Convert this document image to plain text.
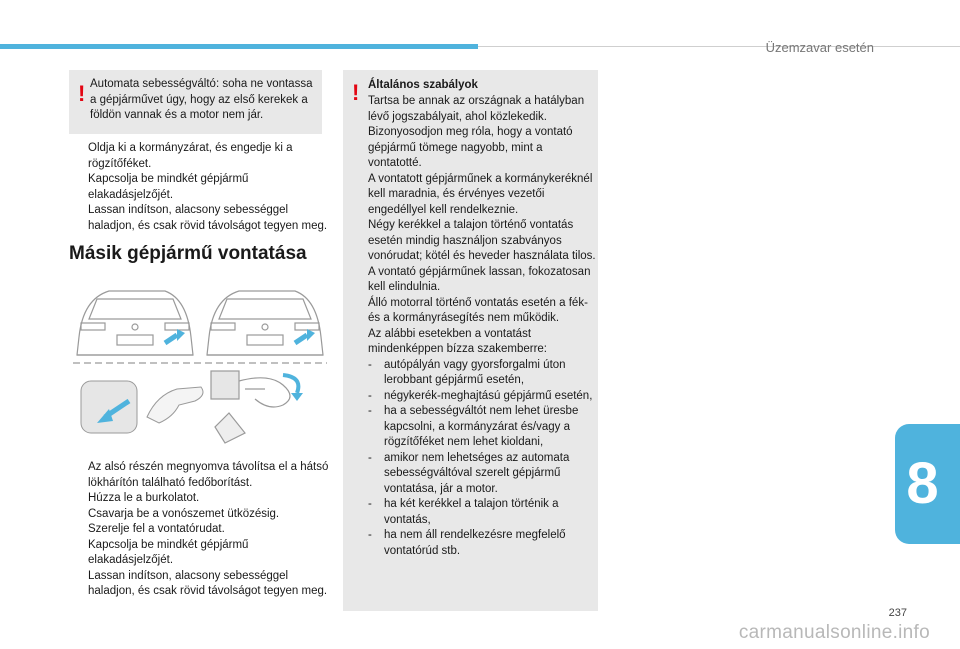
Üzemzavar esetén
! Automata sebességváltó: soha ne vontassa a gépjárművet úgy, hogy az első kerekek a földön vannak és a motor nem jár.
Oldja ki a kormányzárat, és engedje ki a rögzítőféket.
Kapcsolja be mindkét gépjármű elakadásjelzőjét.
Lassan indítson, alacsony sebességgel haladjon, és csak rövid távolságot tegyen meg.
Másik gépjármű vontatása
Az alsó részén megnyomva távolítsa el a hátsó lökhárítón található fedőborítást.
Húzza le a burkolatot.
Csavarja be a vonószemet ütközésig.
Szerelje fel a vontatórudat.
Kapcsolja be mindkét gépjármű elakadásjelzőjét.
Lassan indítson, alacsony sebességgel haladjon, és csak rövid távolságot tegyen meg.
! Általános szabályok

Tartsa be annak az országnak a hatályban lévő jogszabályait, ahol közlekedik.

Bizonyosodjon meg róla, hogy a vontató gépjármű tömege nagyobb, mint a vontatotté.

A vontatott gépjárműnek a kormánykeréknél kell maradnia, és érvényes vezetői engedéllyel kell rendelkeznie.

Négy kerékkel a talajon történő vontatás esetén mindig használjon szabványos vonórudat; kötél és heveder használata tilos.

A vontató gépjárműnek lassan, fokozatosan kell elindulnia.

Álló motorral történő vontatás esetén a fék- és a kormányrásegítés nem működik.

Az alábbi esetekben a vontatást mindenképpen bízza szakemberre:

- autópályán vagy gyorsforgalmi úton lerobbant gépjármű esetén,
- négykerék-meghajtású gépjármű esetén,
- ha a sebességváltót nem lehet üresbe kapcsolni, a kormányzárat és/vagy a rögzítőféket nem lehet kioldani,
- amikor nem lehetséges az automata sebességváltóval szerelt gépjármű vontatása, jár a motor.
- ha két kerékkel a talajon történik a vontatás,
- ha nem áll rendelkezésre megfelelő vontatórúd stb.
8
237
carmanualsonline.info
